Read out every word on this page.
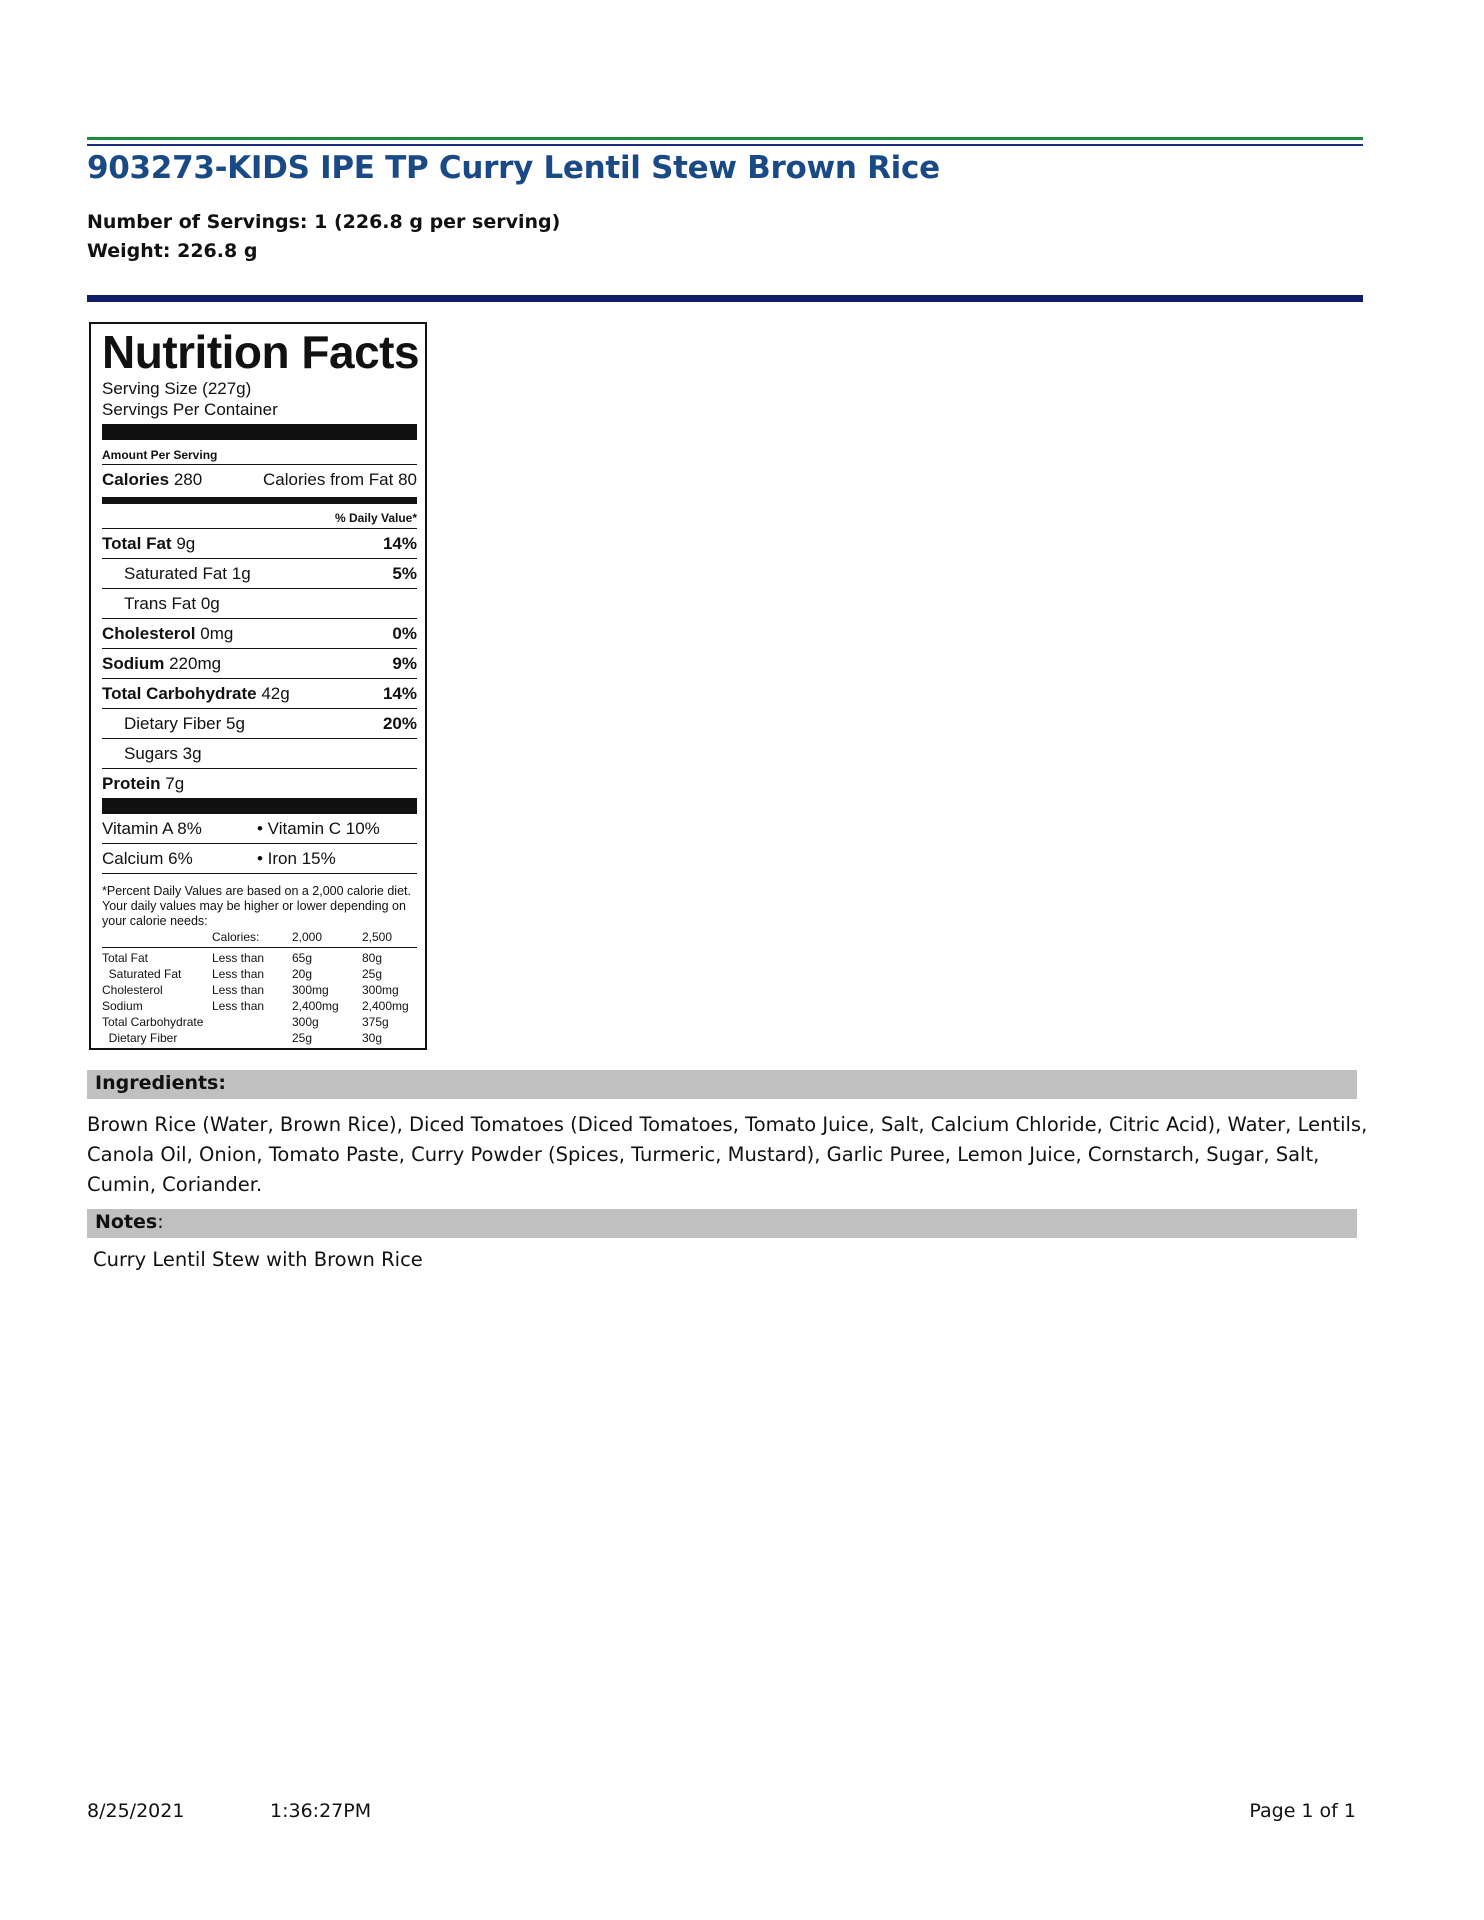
903273-KIDS IPE TP Curry Lentil Stew Brown Rice
Number of Servings: 1 (226.8 g per serving)
Weight: 226.8 g
Nutrition Facts
Serving Size (227g)
Servings Per Container
Amount Per Serving
Calories 280	Calories from Fat 80
% Daily Value*
Total Fat 9g	14%
Saturated Fat 1g	5%
Trans Fat 0g
Cholesterol 0mg	0%
Sodium 220mg	9%
Total Carbohydrate 42g	14%
Dietary Fiber 5g	20%
Sugars 3g
Protein 7g
Vitamin A 8%	• Vitamin C 10%
Calcium 6%	• Iron 15%
*Percent Daily Values are based on a 2,000 calorie diet. Your daily values may be higher or lower depending on your calorie needs:
	Calories:	2,000	2,500
Total Fat	Less than	65g	80g
Saturated Fat	Less than	20g	25g
Cholesterol	Less than	300mg	300mg
Sodium	Less than	2,400mg	2,400mg
Total Carbohydrate		300g	375g
Dietary Fiber		25g	30g
Ingredients:
Brown Rice (Water, Brown Rice), Diced Tomatoes (Diced Tomatoes, Tomato Juice, Salt, Calcium Chloride, Citric Acid), Water, Lentils, Canola Oil, Onion, Tomato Paste, Curry Powder (Spices, Turmeric, Mustard), Garlic Puree, Lemon Juice, Cornstarch, Sugar, Salt, Cumin, Coriander.
Notes:
Curry Lentil Stew with Brown Rice
8/25/2021	1:36:27PM	Page 1 of 1
